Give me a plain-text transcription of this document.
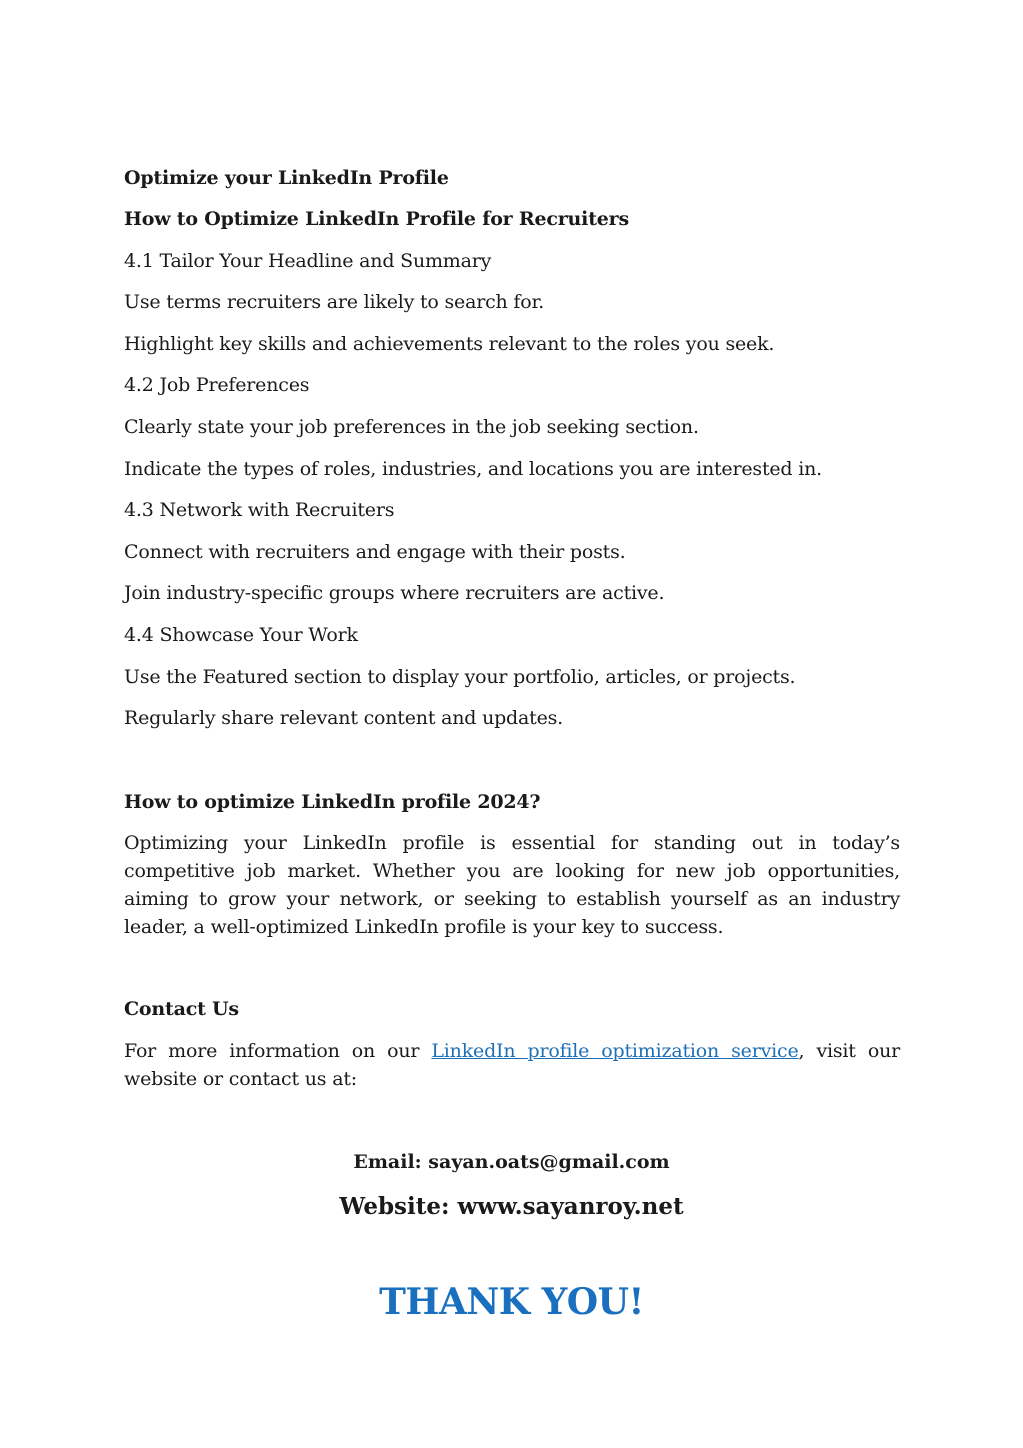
Optimize your LinkedIn Profile
How to Optimize LinkedIn Profile for Recruiters
4.1 Tailor Your Headline and Summary
Use terms recruiters are likely to search for.
Highlight key skills and achievements relevant to the roles you seek.
4.2 Job Preferences
Clearly state your job preferences in the job seeking section.
Indicate the types of roles, industries, and locations you are interested in.
4.3 Network with Recruiters
Connect with recruiters and engage with their posts.
Join industry-specific groups where recruiters are active.
4.4 Showcase Your Work
Use the Featured section to display your portfolio, articles, or projects.
Regularly share relevant content and updates.
How to optimize LinkedIn profile 2024?
Optimizing your LinkedIn profile is essential for standing out in today’s competitive job market. Whether you are looking for new job opportunities, aiming to grow your network, or seeking to establish yourself as an industry leader, a well-optimized LinkedIn profile is your key to success.
Contact Us
For more information on our LinkedIn profile optimization service, visit our website or contact us at:
Email: sayan.oats@gmail.com
Website: www.sayanroy.net
THANK YOU!
